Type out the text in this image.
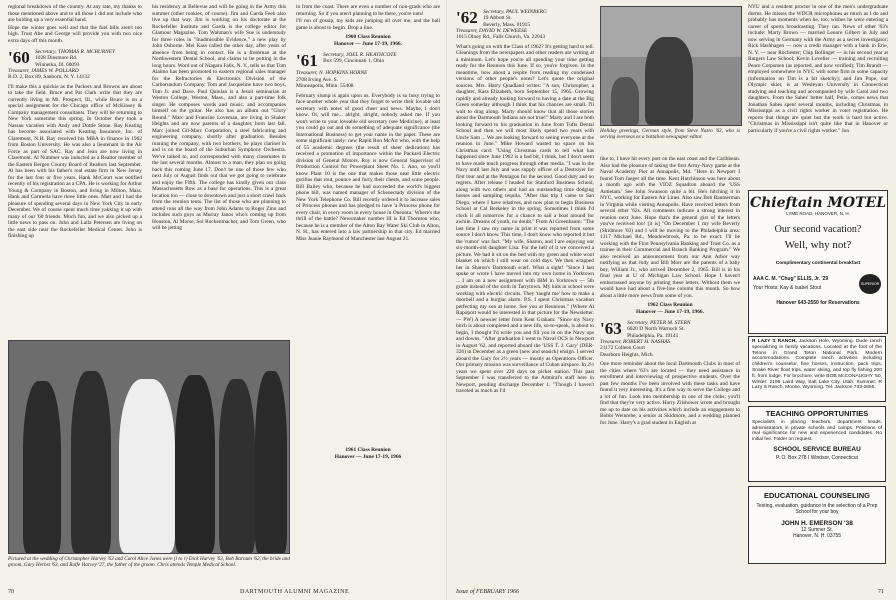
regional breakdown of the country. At any rate, my thanks to those mentioned above and to all those I did not include who are holding up a very essential hand.

Hope the winter goes well and that the fuel bills aren't too high. Trust Abe and George will provide you with two nice extra days off this month.

'60 Secretary, THOMAS R. MCBURNEY
1028 Dinsmore Rd.
Winnetka, Ill. 60093
Treasurer, JAMES W. POLLARD
R.D. 2, Box 89, Sanborn, N. Y. 14132

I'll make this a quickie as the Packers and Browns are about to take the field. Bruce and Pat Clark write that they are currently living in Mt. Prospect, Ill., while Bruce is on a special assignment for the Chicago office of McKinsey & Company management consultants. They will be returning to New York sometime this spring. In October they took a Nassau vacation with Andy and Dottie Stone. Ray Keating has become associated with Keating Insurance, Inc. of Claremont, N.H. Ray received his MBA in finance in 1962 from Boston University. He was also a lieutenant in the Air Force as part of SAC. Ray and Jean are now living in Claremont. Al Nummer was inducted as a Realtor member of the Eastern Bergen County Board of Realtors last September. Al has been with his father's real estate firm in New Jersey for the last four or five years. Hank McCourt was notified recently of his registration as a CPA. He is working for Arthur Young & Company in Boston, and living in Milton, Mass. Hank and Carmella have three little ones. Matt and I had the pleasure of spending several days in New York City in early December. We of course spent much time yakking it up with many of our '60 friends. Much fun, and we also picked up a little news to pass on. John and Lalla Petersen are living on the east side near the Rockefeller Medical Center. John is finishing up

his residency at Bellevue and will be going in the Army this summer (other rookies, of course). Jim and Garda Feeh also live up that way. Jim is working on his doctorate at the Rockefeller Institute and Garda is the college editor for Glamour Magazine. Tom Wahman's wife Sue is understudy for three roles in "Inadmissible Evidence," a new play by John Osborne. Mel Kass called the other day, after years of absence from being in contact. He is a freshman at the Northwestern Dental School, and claims to be putting in the long hours. Word out of Niagara Falls, N. Y., tells us that Tom Alaimo has been promoted to eastern regional sales manager for the Refractories & Electronics Division of the Carborundum Company. Tom and Jacqueline have two boys, Tom Jr. and Dave. Paul Quinlan is a Jesuit seminarian at Weston College, Weston, Mass., and also a part-time folk singer. He composes words and music, and accompanies himself on the guitar. He also has an album out "Glory Bound." Marc and Francine Loveman, are living in Shaker Heights and are now parents of a daughter, born last fall. Marc joined Gil-Marc Corporation, a steel fabricating and engineering company, shortly after graduation. Besides running the company, with two brothers, he plays clarinet in and is on the board of the Suburban Symphony Orchestra. We've talked to, and corresponded with many classmates in the last several months. Almost to a man, they plan on going back this coming June 17. Don't be one of those few who next July or August finds out that we got going to celebrate and enjoy the Fifth. The college has kindly given our class Massachusetts Row as a base for operations. This is a great location too — close to downtown and just a short crawl back from the reunion tents. The list of those who are planning to attend runs all the way from John Adams to Roger Zinn and includes such guys as Murray Janos who's coming up from Houston, Al Morse, Sol Rockenmacher, and Tom Green, who will be jetting

in from the coast. There are even a number of non-grads who are returning. So if you aren't planning to be there, you're nuts!

I'll run of gossip, my kids are jumping all over me, and the ball game is about to begin. Drop a line.

1960 Class Reunion
Hanover — June 17-19, 1966.
'61 Secretary, JOEL R. HEATHCOTE
Box 599, Cincinnati 1, Ohio
Treasurer, N. HOPKINS HORNE
2708 Irving Ave. S.
Minneapolis, Minn. 55408

February slump is again upon us. Everybody is so busy trying to face another whole year that they forget to write their lovable old secretary with notes of good cheer and news. Maybe, I don't know. Or, will me... alright, alright, nobody asked me. If you won't write to your loveable old secretary (see Medicine), at least you could go out and do something of adequate significance (the International Business) to get your name in the paper. These are some significant lately: new Rapid Ron McArt who, with the help of 55 academic degrees (the result of sheer dedication) has received a promotion of importance within the Packard Electric division of General Motors. Roy is now General Supervisor of Production Control for Powerplant Sheet No. 1. Ann, so you'll know Plant 10 is the one that makes those neat little electric gorillas that rout, pounce and furry their chests, and scare people. Bill Bailey who, because he had succeeded the world's biggest phone bill, was named manager of Schenectady division of the New York Telephone Co. Bill recently ordered it to increase sales of Princess phones and has pledged to have 'a Princess phone for every chair, in every room in every house in Oneonta.' Where's the thrill of the battle? Newsmaker number III is Ed Thornton who, because he is a member of the Alton Bay Water Ski Club in Alton, N. H., has entered into a law partnership in that city. Ed married Miss Jeanie Raymond of Manchester last August 21.

Pictured at the wedding of Christopher Harvey '63 and Carol Alice Jones were (l to r) Dick Harvey '63, Bob Barnum '62, the bride and groom, Gary Herbst '63, and Rolfe Harvey '27, the father of the groom. Chris attends Temple Medical School.
1961 Class Reunion
Hanover — June 17-19, 1966
70	DARTMOUTH ALUMNI MAGAZINE
'62 Secretary, PAUL WEINBERG
19 Abbott St.
Beverly, Mass. 01915
Treasurer, DAVID W. DEWEESE
1615 Olney Rd., Falls Church, Va. 22043

What's going on with the Class of 1962? It's getting hard to tell. Gleanings from the newspapers and other readers are writing at a minimum. Let's hope you're all spending your time getting ready for the Reunion this June. If so, you're forgiven. In the meantime, how about a respite from reading my condensed versions of other people's notes? Let's quote the original sources. Mrs. Harry Quadland writes: "A son, Christopher, a daughter, Kara Elizabeth, born September 15, 1965. Growing rapidly and already looking forward to having a date at the Big Green someday although I think that his chances are small. I'll wait to drag along. Marty should know that all those stories about the Dartmouth Indians are not true!" Marty and I are both looking forward to his graduation in June from Tufts Dental School and then we will most likely spend two years with Uncle Sam ... We are looking forward to seeing everyone at the reunion in June." Mike Howard wasted no space on his Christmas card: "Using Christmas cards to tell what has happened since June 1962 is a bad bit, I think, but I don't seem to have made much progress through other media. "I was in the Navy until last July and was supply officer of a Destroyer for first tour and at the Pentagon for the second. Good duty and no regrets. After release I headed for Stanford Business School, along with two others and had an outstanding time dodging horses and sampling tequila. "After that trip I came to San Diego, where I have relatives, and now plan to begin Business School at Cal Berkeley in the spring. Sometimes I think I'd clock it all tomorrow for a chance to sail a boat around for awhile. Dreams of youth, no doubt." From Al Greenbaum: "The last time I saw my name in print it was reported from some source I don't know. This time, I don't know who reported it but the 'rumor' was fact. "My wife, Sharon, and I are enjoying our six-month-old daughter Lisa. For the hell of it we conceived a picture. We had it sit on the bed with my green and white wool blanket on which I still wear on cold days. We then wrapped her in Sharon's Dartmouth scarf. What a sight! "Since I last spoke or wrote I have moved into my own home in Yorktown ... I am on a new assignment with IBM in Yorktown — 5th grade instead of the sixth in Tarrytown. My kids in school were working with electric circuits. They 'taught me' how to make a doorbell and a burglar alarm. P.S. I spent Christmas vacation perfecting my son at home. See you at Reunions." (Where Al Rapoport would be interested in that picture for the Newsletter. — PW) A newsier letter from Kent Graham: "Since my Navy hitch is about completed and a new life, so-to-speak, is about to begin, I thought I'd write you and fill you in on the Navy ups and downs. "After graduation I went to Naval OCS in Newport in August '62, and reported aboard the 'USS T. J. Gary' (DER-326) in December as a green (new and seasick) ensign. I served aboard the Gary for 2½ years — mostly as Operations Officer. Our primary mission was surveillance of Cuban airspace. In 2½ years we spent over 220 days on picket station. This past September I was transferred to the Admiral's staff here in Newport, pending discharge December 1. "Though I haven't traveled as much as I'd

Holiday greetings, German style, from Steve Nazro '63, who is serving overseas as a battalion newspaper editor.

like to, I have hit every port on the east coast and the Caribbean. Also had the pleasure of taking the first Army-Navy game at the Naval Academy Pier at Annapolis, Md. "Here in Newport I found Tom Jaeger all the time. Kent Hutchinson was here about a month ago with the VIOZ Squadron aboard the 'USS Antietam.' See John Swanson quite a bit. He's hitching it in NYC, working for Eastern Air Lines. Also saw Bob Baumerman in Virginia while visiting Annapolis. Have received letters from several other '62s. All comments indicate a strong interest in reunion next June. Hope that's the general gist of the letters you've received too! [it is] "On December 1 my wife Beverly (Skidmore '63) and I will be moving to the Philadelphia area: 1317 Michael Rd., Meadowbrook, Pa. to be exact. I'll be working with the First Pennsylvania Banking and Trust Co. as a trainee in their Commercial and Branch Banking Program." We also received an announcement from our Ann Arbor way notifying us that Judy and Bill Morr are the parents of a baby boy, William Jr., who arrived December 2, 1965. Bill is in his final year at U of Michigan Law School. Hope I haven't embarrassed anyone by printing these letters. Without them we would have had about a five-line column this month. So how about a little more news from some of you.

1962 Class Reunion
Hanover — June 17-19, 1966.
'63 Secretary, PETER M. STERN
6020 D North Warnock St.
Philadelphia, Pa. 19141
Treasurer, ROBERT H. NASHAS
21172 Colleen Court
Dearborn Heights, Mich.

One more reminder about the local Dartmouth Clubs in most of the cities where '63's are located — they need assistance in enrollment and interviewing of prospective students. Over the past few months I've been involved with these tasks and have found it very interesting. It's a fine way to serve the College and a lot of fun. Look into membership in one of the clubs; you'll find that they're very active. Harry Zilshower wrote and brought me up to date on his activities which include an engagement to Bobbi Weinrebe, a senior at Skidmore, and a wedding planned for June. Harry's a grad student in English at

NYU and a resident proctor in one of the men's undergraduate dorms. He misses the WDCR microphones as much as I do and probably has moments when he, too, wishes he were entering a career of sports broadcasting. They ran. News of other '63's include: Marty Brown — married Lenore Gilbert in July and now serving in Germany with the Army as a secret investigator; Rick Hashhagen — now a credit manager with a bank in Erie, N. Y. — near Rochester; Chip Bollinger — in his second year at Rutgers Law School; Kevin Lovelier — training and recruiting Peace Corpsmen (as reported, and now verified); Tim Brandt — employed somewhere in NYC with some firm in some capacity (information on Tim is a bit sketchy); and Jim Pope, our Olympic skier, is at Wesleyan University in Connecticut studying and teaching and accompanied by wife Carol and two daughters. From the Sabes' better half, Petie, comes news that Jonathan Sabes spent several months, including Christmas, in Mississippi as a civil rights worker in voter registration. He reports that things are quiet but the work is hard but active. "Christmas in Mississippi isn't quite like that in Hanover or particularly if you're a civil rights worker." Jon

Chieftain MOTEL
LYME ROAD, HANOVER, N. H.
Our second vacation?
Well, why not?
Complimentary continental breakfast
AAA C. M. "Chug" ELLIS, Jr. '29
Your Hosts: Kay & Isabel Stout
SUPERIOR
Hanover 643-2550 for Reservations
R LAZY S RANCH, Jackson Hole, Wyoming. Dude ranch specializing in family vacations. Located at the foot of the Tetons in Grand Teton National Park. Modern accommodations. Complete ranch activities including children's counselor, fine horses, instruction, pack trips, Snake River float trips, water skiing, and top fly fishing 200 ft. from lodge. For brochure, write BOB McCONAUGHY '50, Winter: 2195 Laird Way, Salt Lake City, Utah. Summer: R Lazy S Ranch, Moose, Wyoming. Tel. Jackson 733-2655.
TEACHING OPPORTUNITIES
Specialists in placing teachers, department heads, administrators in private schools and camps. Positions of real significance for new and experienced candidates. No initial fee. Folder on request.
SCHOOL SERVICE BUREAU
P. O. Box 278 I Windsor, Connecticut
EDUCATIONAL COUNSELING
Testing, evaluation, guidance in the selection of a Prep School for your boy
JOHN H. EMERSON '38
12 Sumner St.
Hanover, N. H. 03755
Issue of FEBRUARY 1966	71
